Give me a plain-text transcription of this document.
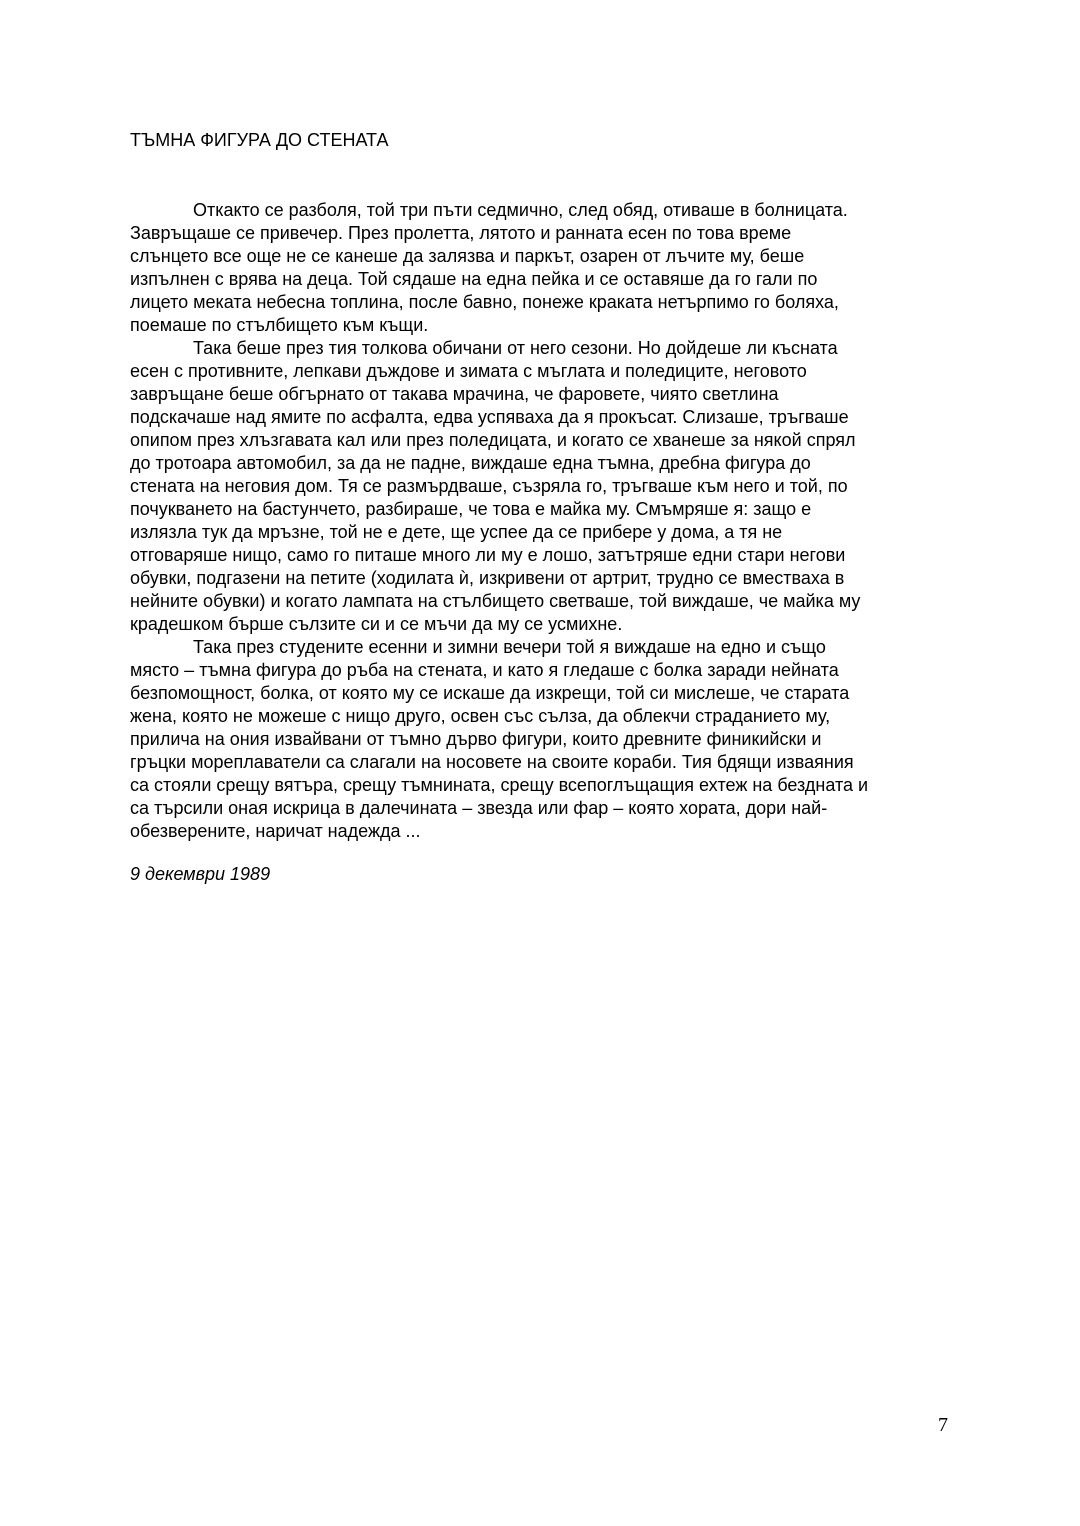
ТЪМНА ФИГУРА ДО СТЕНАТА

Откакто се разболя, той три пъти седмично, след обяд, отиваше в болницата.
Завръщаше се привечер. През пролетта, лятото и ранната есен по това време
слънцето все още не се канеше да залязва и паркът, озарен от лъчите му, беше
изпълнен с врява на деца. Той сядаше на една пейка и се оставяше да го гали по
лицето меката небесна топлина, после бавно, понеже краката нетърпимо го боляха,
поемаше по стълбището към къщи.

Така беше през тия толкова обичани от него сезони. Но дойдеше ли късната
есен с противните, лепкави дъждове и зимата с мъглата и поледиците, неговото
завръщане беше обгърнато от такава мрачина, че фаровете, чиято светлина
подскачаше над ямите по асфалта, едва успяваха да я прокъсат. Слизаше, тръгваше
опипом през хлъзгавата кал или през поледицата, и когато се хванеше за някой спрял
до тротоара автомобил, за да не падне, виждаше една тъмна, дребна фигура до
стената на неговия дом. Тя се размърдваше, съзряла го, тръгваше към него и той, по
почукването на бастунчето, разбираше, че това е майка му. Смъмряше я: защо е
излязла тук да мръзне, той не е дете, ще успее да се прибере у дома, а тя не
отговаряше нищо, само го питаше много ли му е лошо, затътряше едни стари негови
обувки, подгазени на петите (ходилата ѝ, изкривени от артрит, трудно се вместваха в
нейните обувки) и когато лампата на стълбището светваше, той виждаше, че майка му
крадешком бърше сълзите си и се мъчи да му се усмихне.

Така през студените есенни и зимни вечери той я виждаше на едно и също
място – тъмна фигура до ръба на стената, и като я гледаше с болка заради нейната
безпомощност, болка, от която му се искаше да изкрещи, той си мислеше, че старата
жена, която не можеше с нищо друго, освен със сълза, да облекчи страданието му,
прилича на ония извайвани от тъмно дърво фигури, които древните финикийски и
гръцки мореплаватели са слагали на носовете на своите кораби. Тия бдящи изваяния
са стояли срещу вятъра, срещу тъмнината, срещу всепоглъщащия ехтеж на бездната и
са търсили оная искрица в далечината – звезда или фар – която хората, дори най-
обезверените, наричат надежда ...

9 декември 1989
7
